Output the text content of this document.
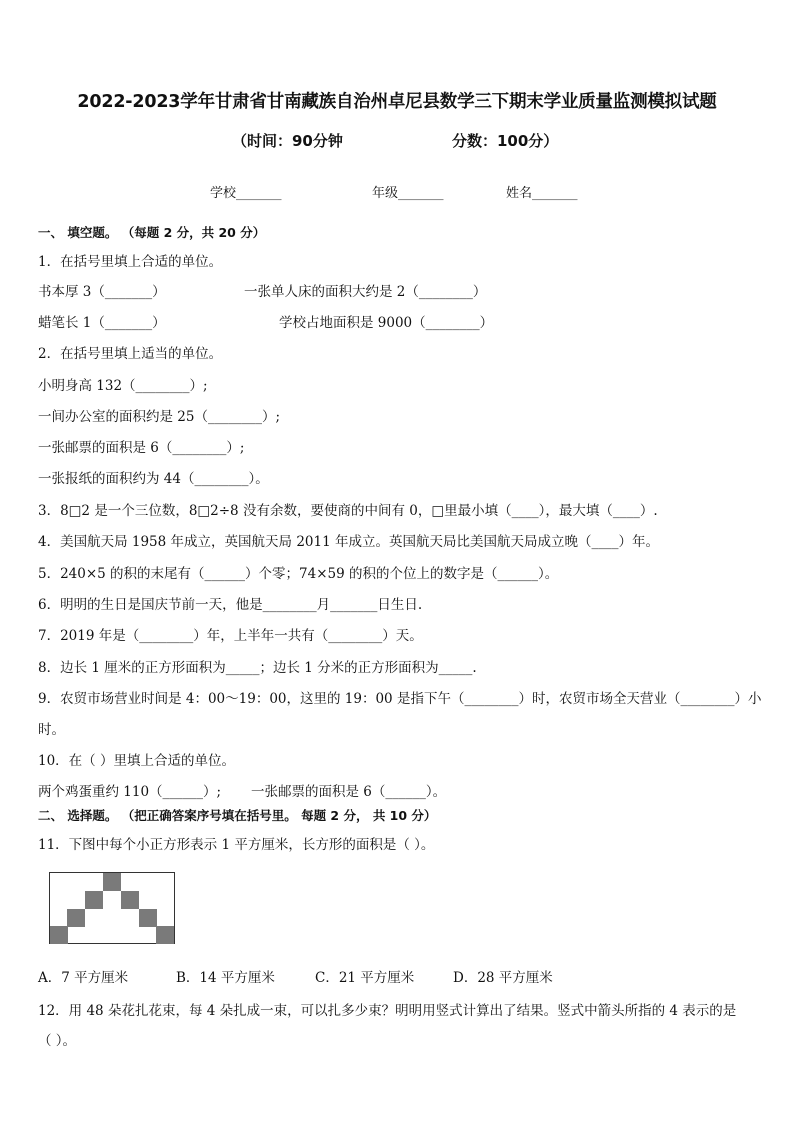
2022-2023学年甘肃省甘南藏族自治州卓尼县数学三下期末学业质量监测模拟试题
（时间：90分钟	分数：100分）
学校_______	年级_______	姓名_______
一、 填空题。 （每题 2 分，共 20 分）
1．在括号里填上合适的单位。
书本厚 3（_______）	一张单人床的面积大约是 2（________）
蜡笔长 1（_______）	学校占地面积是 9000（________）
2．在括号里填上适当的单位。
小明身高 132（________）;
一间办公室的面积约是 25（________）;
一张邮票的面积是 6（________）;
一张报纸的面积约为 44（________）。
3．8□2 是一个三位数，8□2÷8 没有余数，要使商的中间有 0，□里最小填（____），最大填（____）.
4．美国航天局 1958 年成立，英国航天局 2011 年成立。英国航天局比美国航天局成立晚（____）年。
5．240×5 的积的末尾有（______）个零；74×59 的积的个位上的数字是（______）。
6．明明的生日是国庆节前一天，他是________月_______日生日.
7．2019 年是（________）年，上半年一共有（________）天。
8．边长 1 厘米的正方形面积为_____；边长 1 分米的正方形面积为_____.
9．农贸市场营业时间是 4：00～19：00，这里的 19：00 是指下午（________）时，农贸市场全天营业（________）小
时。
10．在（ ）里填上合适的单位。
两个鸡蛋重约 110（______）; 一张邮票的面积是 6（______）。
二、 选择题。 （把正确答案序号填在括号里。 每题 2 分， 共 10 分）
11．下图中每个小正方形表示 1 平方厘米，长方形的面积是（ ）。
A．7 平方厘米	B．14 平方厘米	C．21 平方厘米	D．28 平方厘米
12．用 48 朵花扎花束，每 4 朵扎成一束，可以扎多少束？明明用竖式计算出了结果。竖式中箭头所指的 4 表示的是
（ ）。
